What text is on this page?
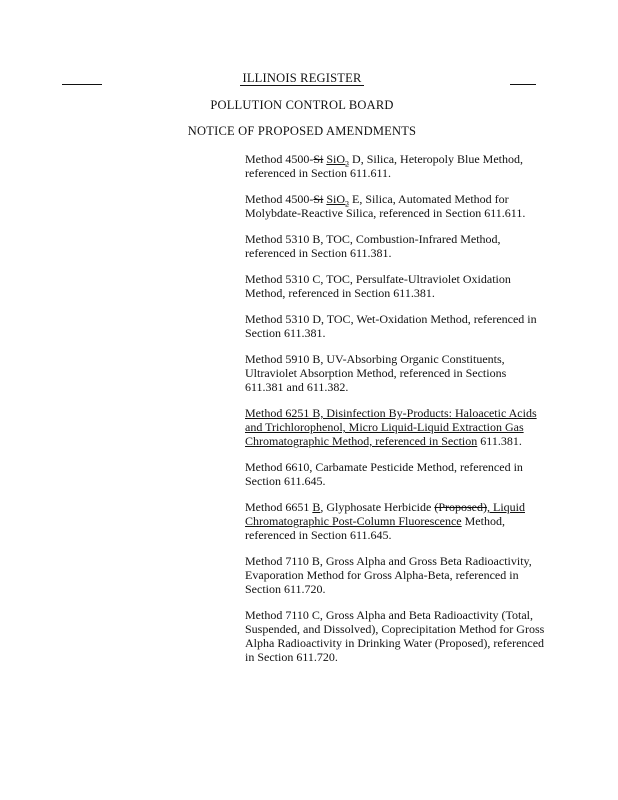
ILLINOIS REGISTER
POLLUTION CONTROL BOARD
NOTICE OF PROPOSED AMENDMENTS

Method 4500-Si SiO$_2$ D, Silica, Heteropoly Blue Method, referenced in Section 611.611.

Method 4500-Si SiO$_2$ E, Silica, Automated Method for Molybdate-Reactive Silica, referenced in Section 611.611.

Method 5310 B, TOC, Combustion-Infrared Method, referenced in Section 611.381.

Method 5310 C, TOC, Persulfate-Ultraviolet Oxidation Method, referenced in Section 611.381.

Method 5310 D, TOC, Wet-Oxidation Method, referenced in Section 611.381.

Method 5910 B, UV-Absorbing Organic Constituents, Ultraviolet Absorption Method, referenced in Sections 611.381 and 611.382.

Method 6251 B, Disinfection By-Products: Haloacetic Acids and Trichlorophenol, Micro Liquid-Liquid Extraction Gas Chromatographic Method, referenced in Section 611.381.

Method 6610, Carbamate Pesticide Method, referenced in Section 611.645.

Method 6651 B, Glyphosate Herbicide (Proposed), Liquid Chromatographic Post-Column Fluorescence Method, referenced in Section 611.645.

Method 7110 B, Gross Alpha and Gross Beta Radioactivity, Evaporation Method for Gross Alpha-Beta, referenced in Section 611.720.

Method 7110 C, Gross Alpha and Beta Radioactivity (Total, Suspended, and Dissolved), Coprecipitation Method for Gross Alpha Radioactivity in Drinking Water (Proposed), referenced in Section 611.720.
